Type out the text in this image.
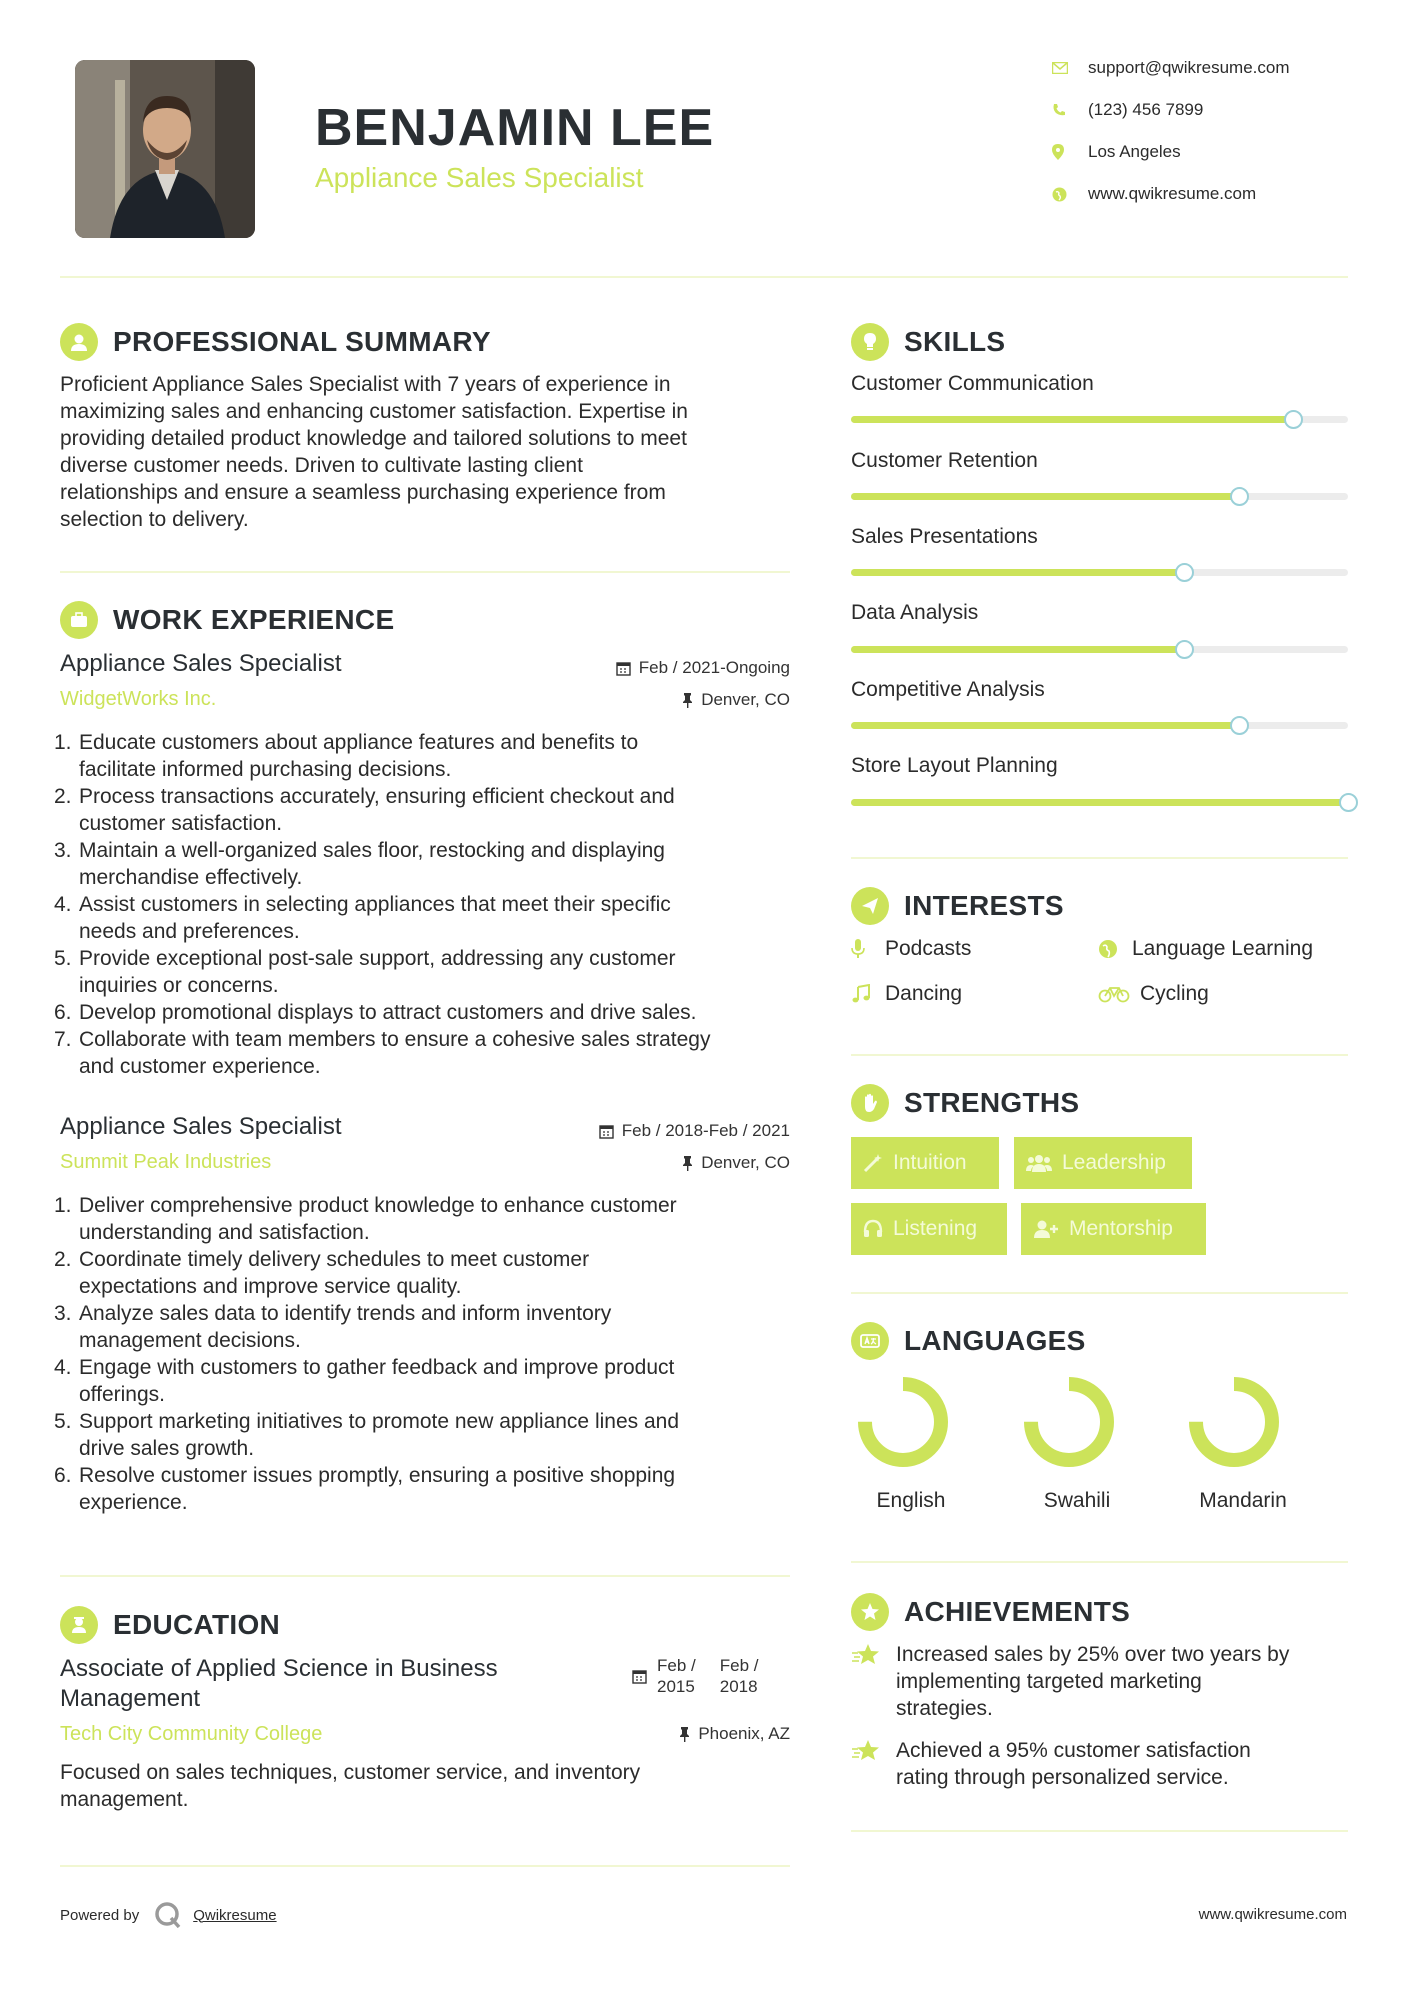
BENJAMIN LEE
Appliance Sales Specialist
support@qwikresume.com
(123) 456 7899
Los Angeles
www.qwikresume.com
PROFESSIONAL SUMMARY
Proficient Appliance Sales Specialist with 7 years of experience in
maximizing sales and enhancing customer satisfaction. Expertise in
providing detailed product knowledge and tailored solutions to meet
diverse customer needs. Driven to cultivate lasting client
relationships and ensure a seamless purchasing experience from
selection to delivery.
WORK EXPERIENCE
Appliance Sales Specialist
WidgetWorks Inc.
Feb / 2021-Ongoing
Denver, CO
1. Educate customers about appliance features and benefits to
facilitate informed purchasing decisions.
2. Process transactions accurately, ensuring efficient checkout and
customer satisfaction.
3. Maintain a well-organized sales floor, restocking and displaying
merchandise effectively.
4. Assist customers in selecting appliances that meet their specific
needs and preferences.
5. Provide exceptional post-sale support, addressing any customer
inquiries or concerns.
6. Develop promotional displays to attract customers and drive sales.
7. Collaborate with team members to ensure a cohesive sales strategy
and customer experience.
Appliance Sales Specialist
Summit Peak Industries
Feb / 2018-Feb / 2021
Denver, CO
1. Deliver comprehensive product knowledge to enhance customer
understanding and satisfaction.
2. Coordinate timely delivery schedules to meet customer
expectations and improve service quality.
3. Analyze sales data to identify trends and inform inventory
management decisions.
4. Engage with customers to gather feedback and improve product
offerings.
5. Support marketing initiatives to promote new appliance lines and
drive sales growth.
6. Resolve customer issues promptly, ensuring a positive shopping
experience.
EDUCATION
Associate of Applied Science in Business
Management
Tech City Community College
Feb /
2015
Feb /
2018
Phoenix, AZ
Focused on sales techniques, customer service, and inventory
management.
SKILLS
Customer Communication
Customer Retention
Sales Presentations
Data Analysis
Competitive Analysis
Store Layout Planning
INTERESTS
Podcasts	Language Learning
Dancing	Cycling
STRENGTHS
Intuition	Leadership
Listening	Mentorship
LANGUAGES
English	Swahili	Mandarin
ACHIEVEMENTS
Increased sales by 25% over two years by
implementing targeted marketing
strategies.
Achieved a 95% customer satisfaction
rating through personalized service.
Powered by	Qwikresume	www.qwikresume.com
